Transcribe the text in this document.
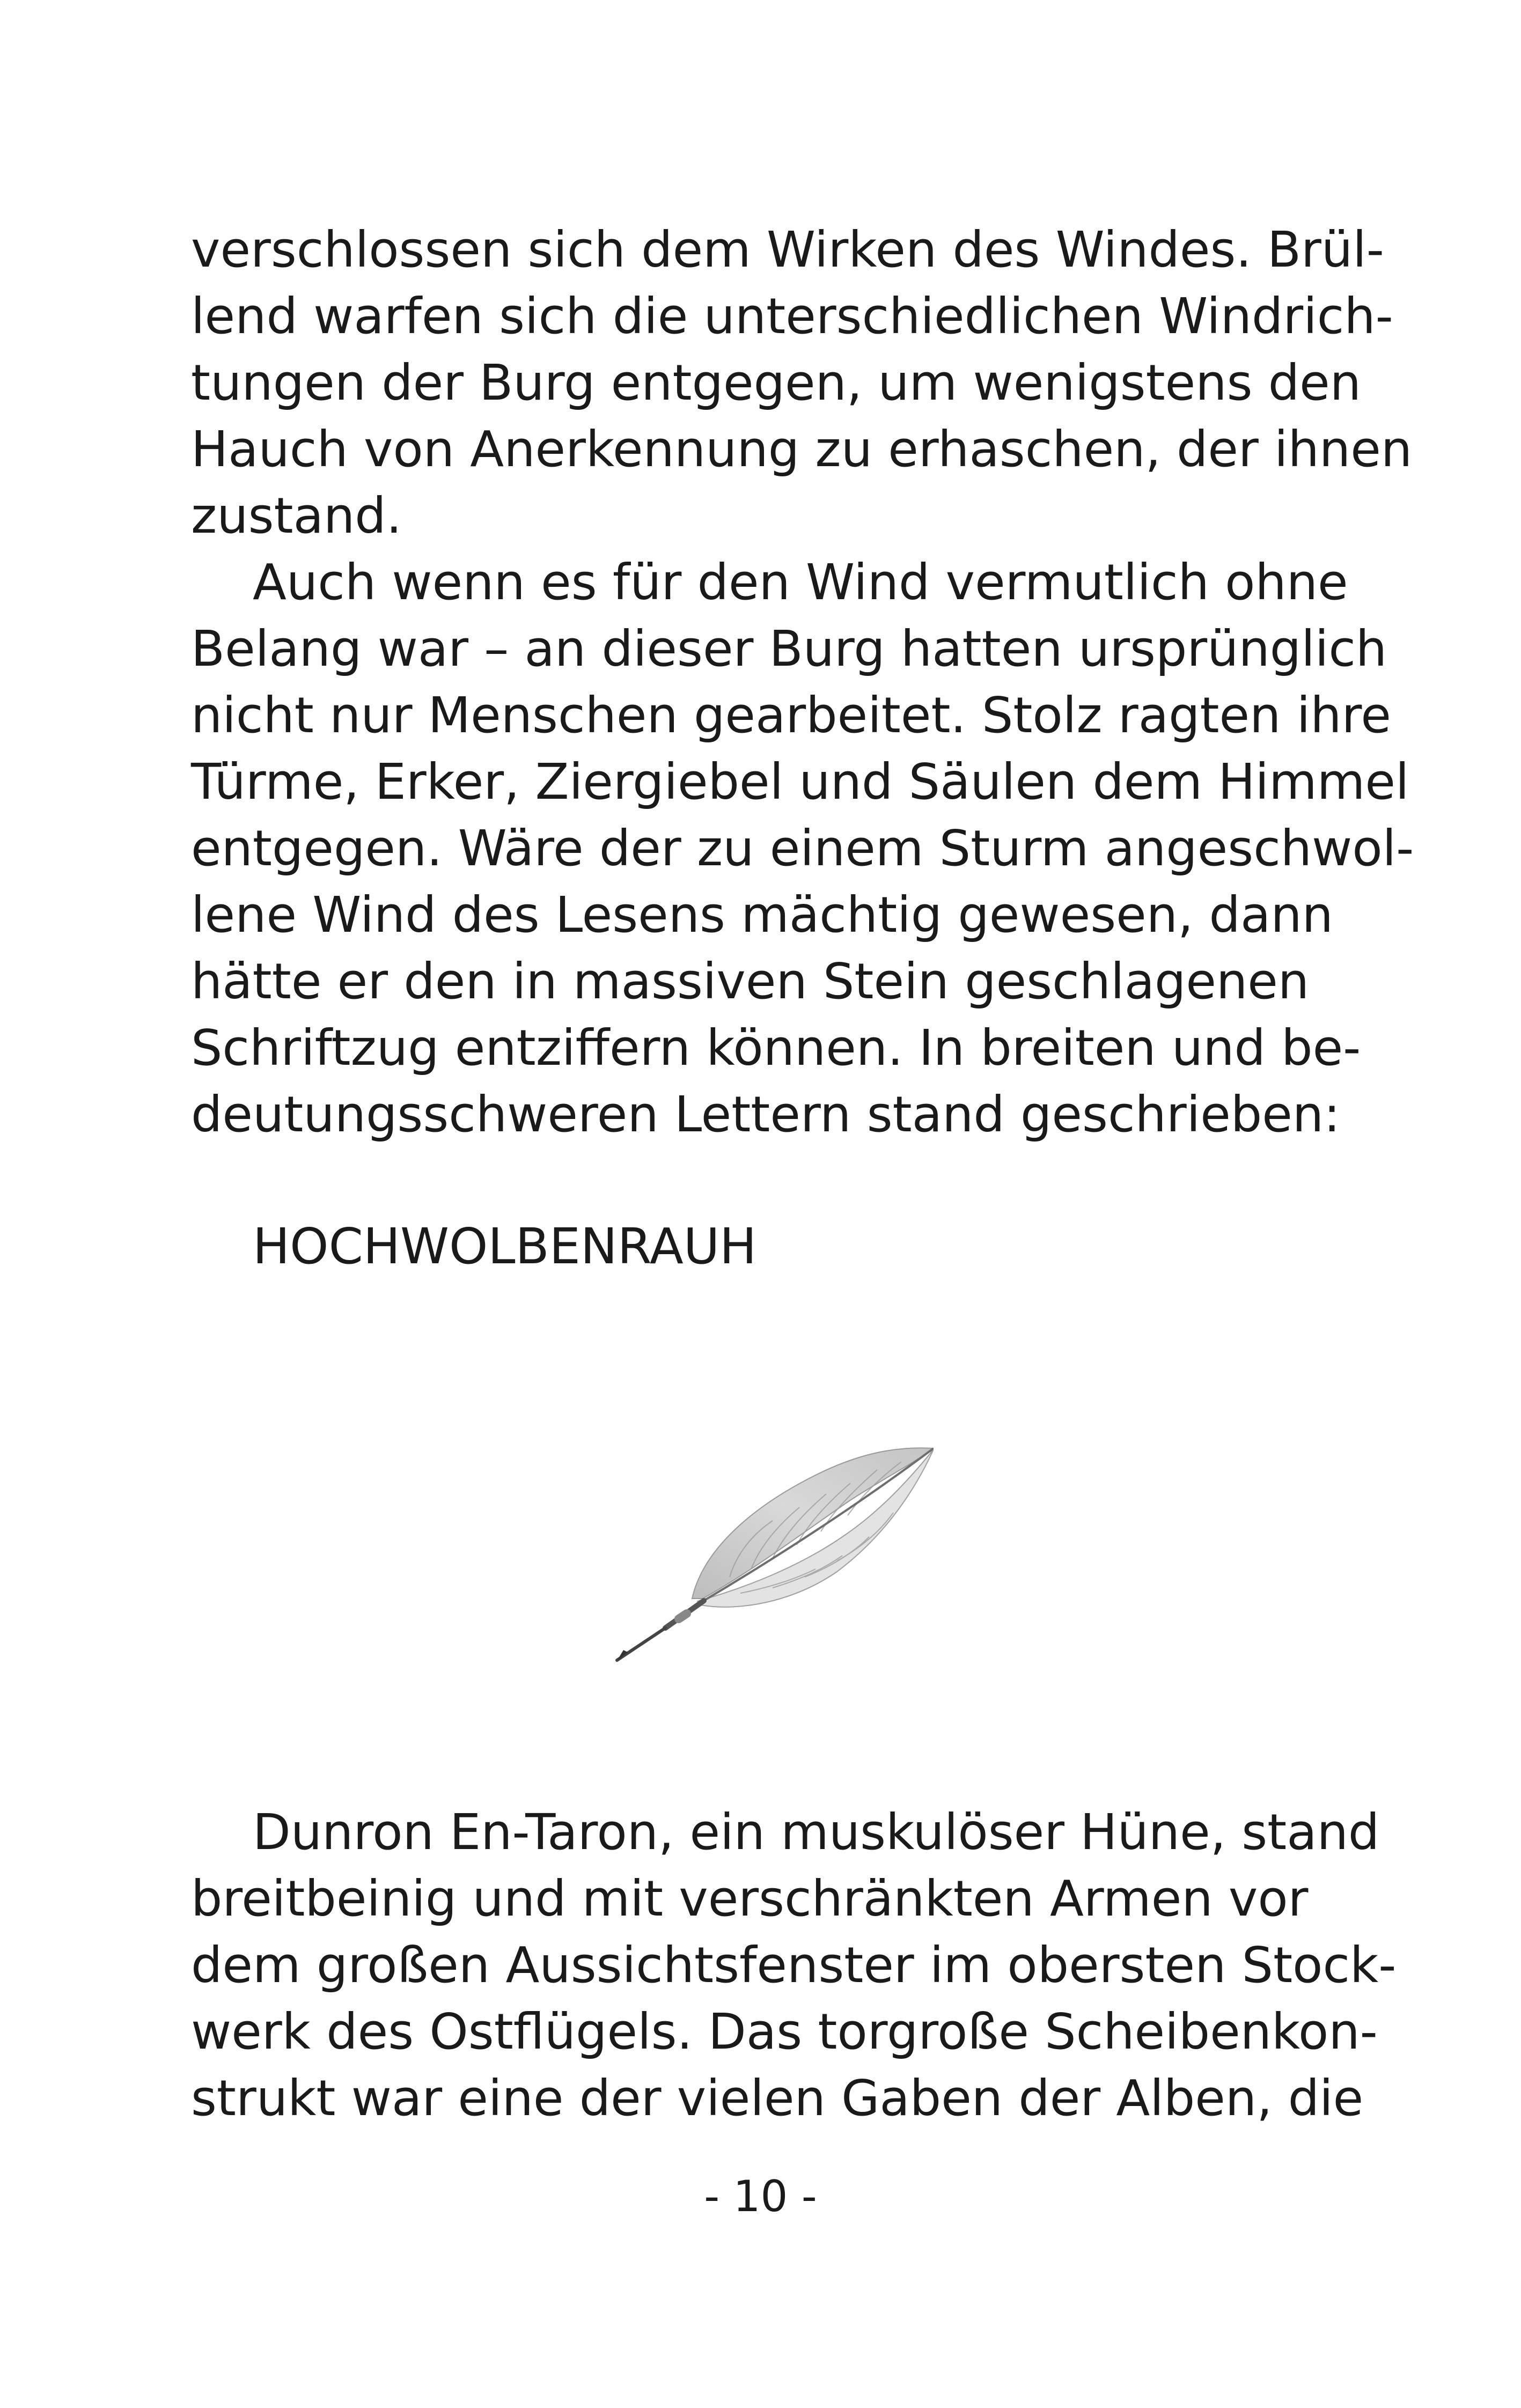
verschlossen sich dem Wirken des Windes. Brül-
lend warfen sich die unterschiedlichen Windrich-
tungen der Burg entgegen, um wenigstens den
Hauch von Anerkennung zu erhaschen, der ihnen
zustand.
Auch wenn es für den Wind vermutlich ohne
Belang war – an dieser Burg hatten ursprünglich
nicht nur Menschen gearbeitet. Stolz ragten ihre
Türme, Erker, Ziergiebel und Säulen dem Himmel
entgegen. Wäre der zu einem Sturm angeschwol-
lene Wind des Lesens mächtig gewesen, dann
hätte er den in massiven Stein geschlagenen
Schriftzug entziffern können. In breiten und be-
deutungsschweren Lettern stand geschrieben:
HOCHWOLBENRAUH
Dunron En-Taron, ein muskulöser Hüne, stand
breitbeinig und mit verschränkten Armen vor
dem großen Aussichtsfenster im obersten Stock-
werk des Ostflügels. Das torgroße Scheibenkon-
strukt war eine der vielen Gaben der Alben, die
- 10 -
